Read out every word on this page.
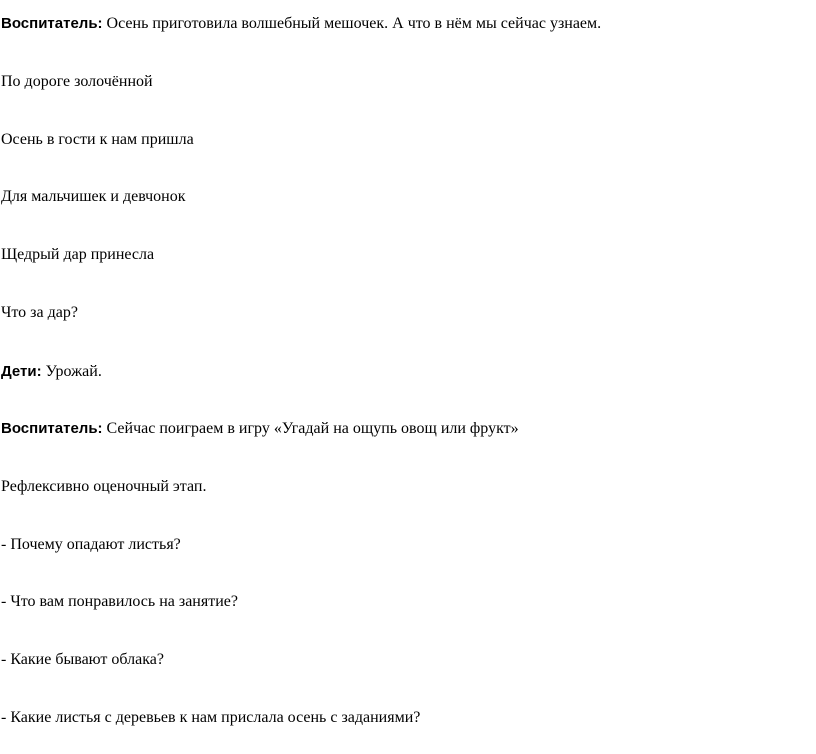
Воспитатель: Осень приготовила волшебный мешочек. А что в нём мы сейчас узнаем.

По дороге золочённой

Осень в гости к нам пришла

Для мальчишек и девчонок

Щедрый дар принесла

Что за дар?

Дети: Урожай.

Воспитатель: Сейчас поиграем в игру «Угадай на ощупь овощ или фрукт»

Рефлексивно оценочный этап.

- Почему опадают листья?

- Что вам понравилось на занятие?

- Какие бывают облака?

- Какие листья с деревьев к нам прислала осень с заданиями?
